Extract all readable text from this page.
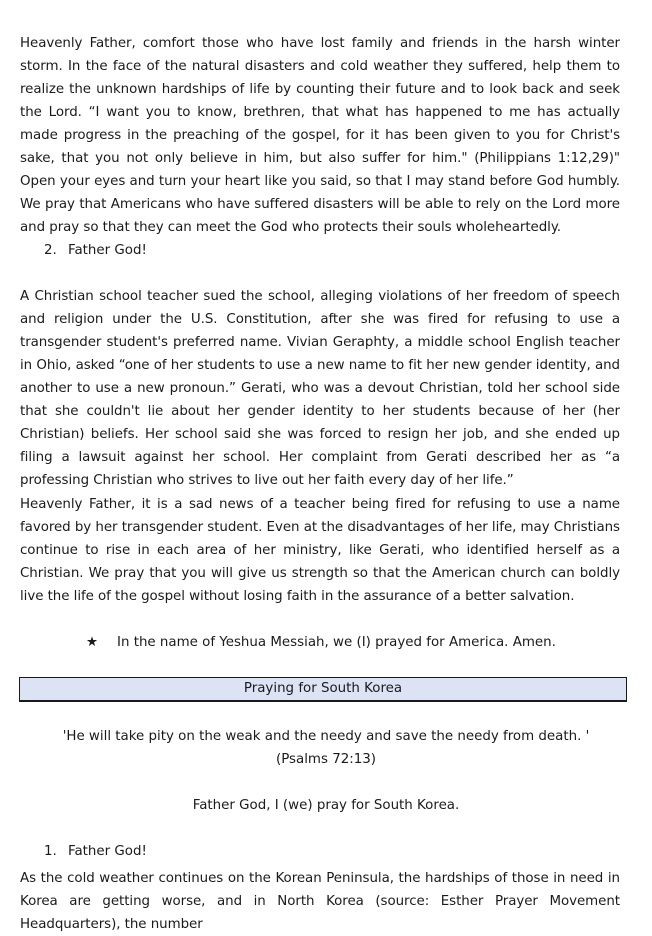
Heavenly Father, comfort those who have lost family and friends in the harsh winter storm. In the face of the natural disasters and cold weather they suffered, help them to realize the unknown hardships of life by counting their future and to look back and seek the Lord. “I want you to know, brethren, that what has happened to me has actually made progress in the preaching of the gospel, for it has been given to you for Christ's sake, that you not only believe in him, but also suffer for him." (Philippians 1:12,29)" Open your eyes and turn your heart like you said, so that I may stand before God humbly. We pray that Americans who have suffered disasters will be able to rely on the Lord more and pray so that they can meet the God who protects their souls wholeheartedly.

2. Father God!

A Christian school teacher sued the school, alleging violations of her freedom of speech and religion under the U.S. Constitution, after she was fired for refusing to use a transgender student's preferred name. Vivian Geraphty, a middle school English teacher in Ohio, asked “one of her students to use a new name to fit her new gender identity, and another to use a new pronoun.” Gerati, who was a devout Christian, told her school side that she couldn't lie about her gender identity to her students because of her (her Christian) beliefs. Her school said she was forced to resign her job, and she ended up filing a lawsuit against her school. Her complaint from Gerati described her as “a professing Christian who strives to live out her faith every day of her life.”

Heavenly Father, it is a sad news of a teacher being fired for refusing to use a name favored by her transgender student. Even at the disadvantages of her life, may Christians continue to rise in each area of her ministry, like Gerati, who identified herself as a Christian. We pray that you will give us strength so that the American church can boldly live the life of the gospel without losing faith in the assurance of a better salvation.

★ In the name of Yeshua Messiah, we (I) prayed for America. Amen.

Praying for South Korea

'He will take pity on the weak and the needy and save the needy from death. '

(Psalms 72:13)

Father God, I (we) pray for South Korea.

1. Father God!

As the cold weather continues on the Korean Peninsula, the hardships of those in need in Korea are getting worse, and in North Korea (source: Esther Prayer Movement Headquarters), the number
